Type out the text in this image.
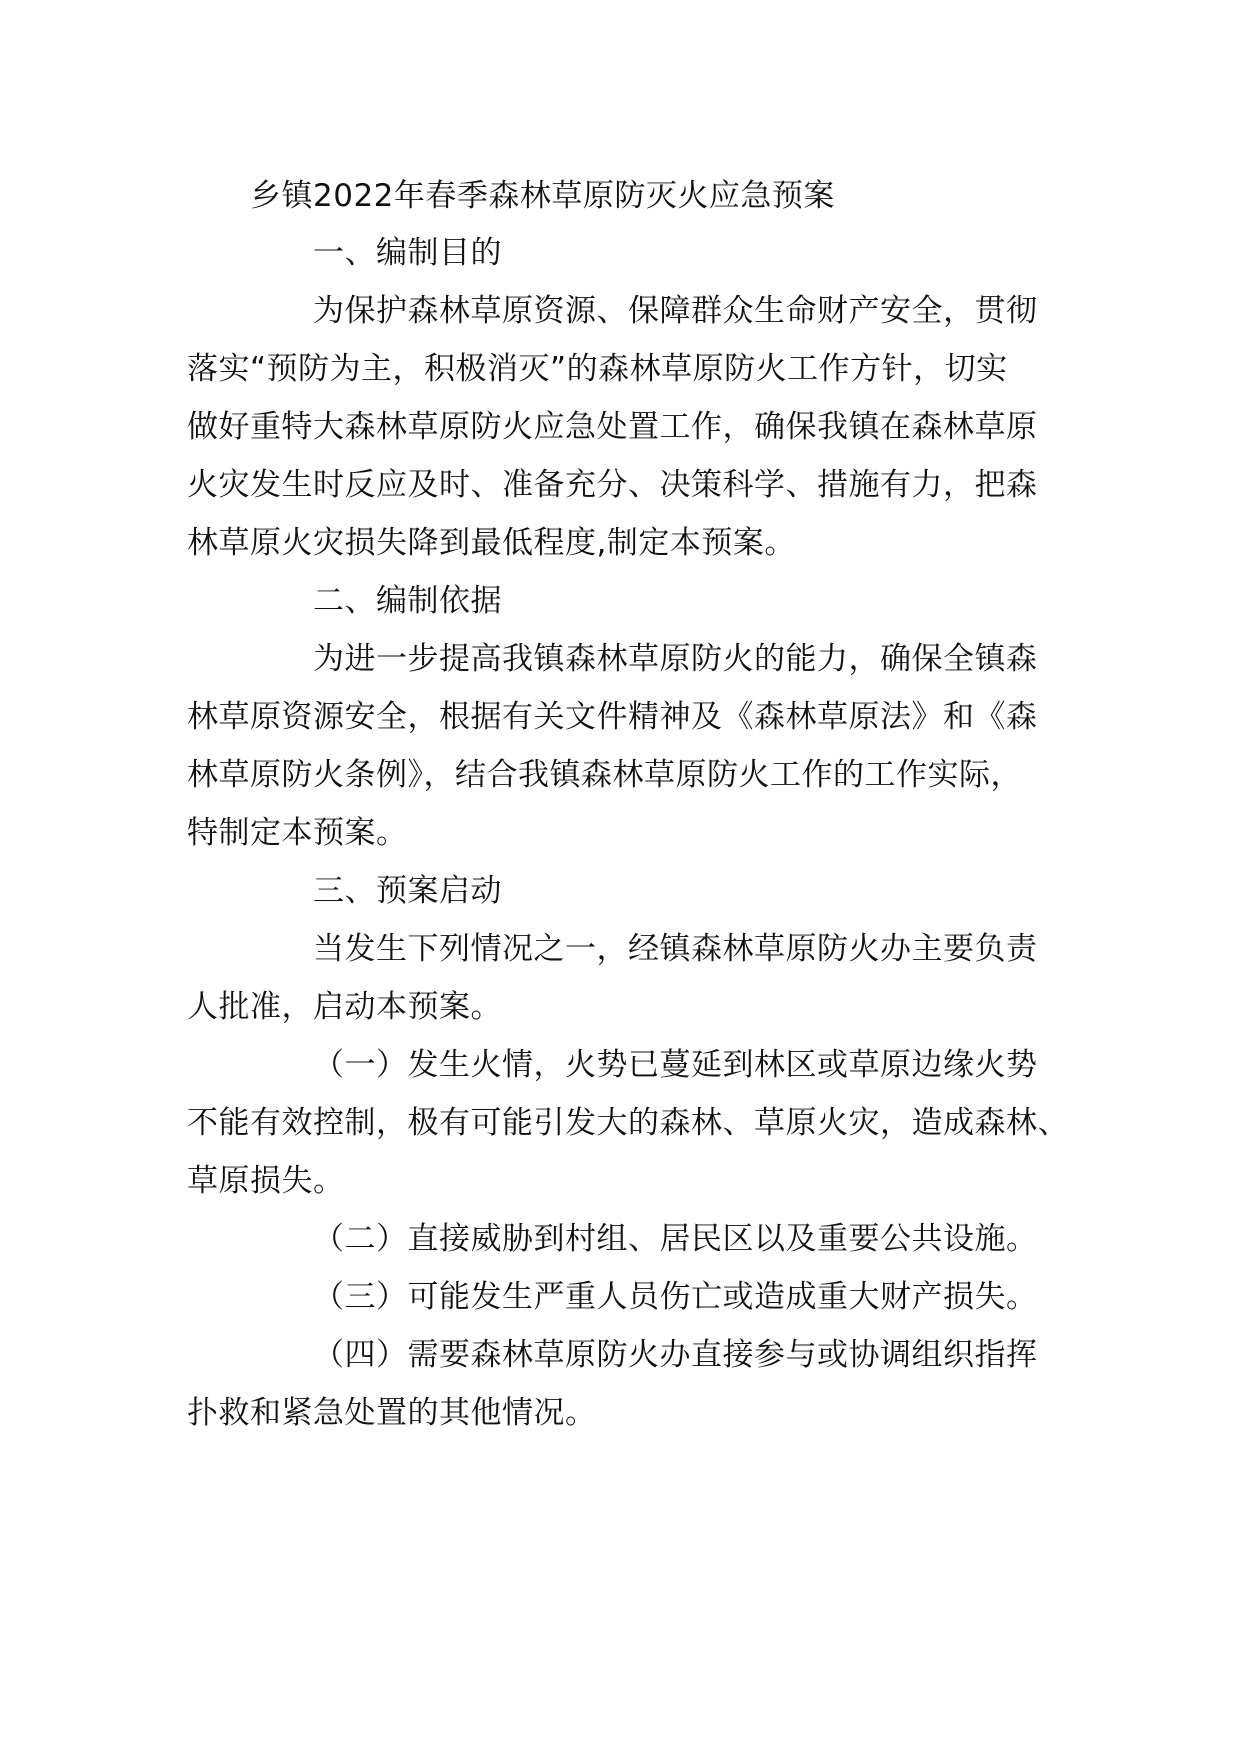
乡镇2022年春季森林草原防灭火应急预案
一、编制目的
为保护森林草原资源、保障群众生命财产安全，贯彻
落实“预防为主，积极消灭”的森林草原防火工作方针，切实
做好重特大森林草原防火应急处置工作，确保我镇在森林草原
火灾发生时反应及时、准备充分、决策科学、措施有力，把森
林草原火灾损失降到最低程度,制定本预案。
二、编制依据
为进一步提高我镇森林草原防火的能力，确保全镇森
林草原资源安全，根据有关文件精神及《森林草原法》和《森
林草原防火条例》，结合我镇森林草原防火工作的工作实际，
特制定本预案。
三、预案启动
当发生下列情况之一，经镇森林草原防火办主要负责
人批准，启动本预案。
（一）发生火情，火势已蔓延到林区或草原边缘火势
不能有效控制，极有可能引发大的森林、草原火灾，造成森林、
草原损失。
（二）直接威胁到村组、居民区以及重要公共设施。
（三）可能发生严重人员伤亡或造成重大财产损失。
（四）需要森林草原防火办直接参与或协调组织指挥
扑救和紧急处置的其他情况。
